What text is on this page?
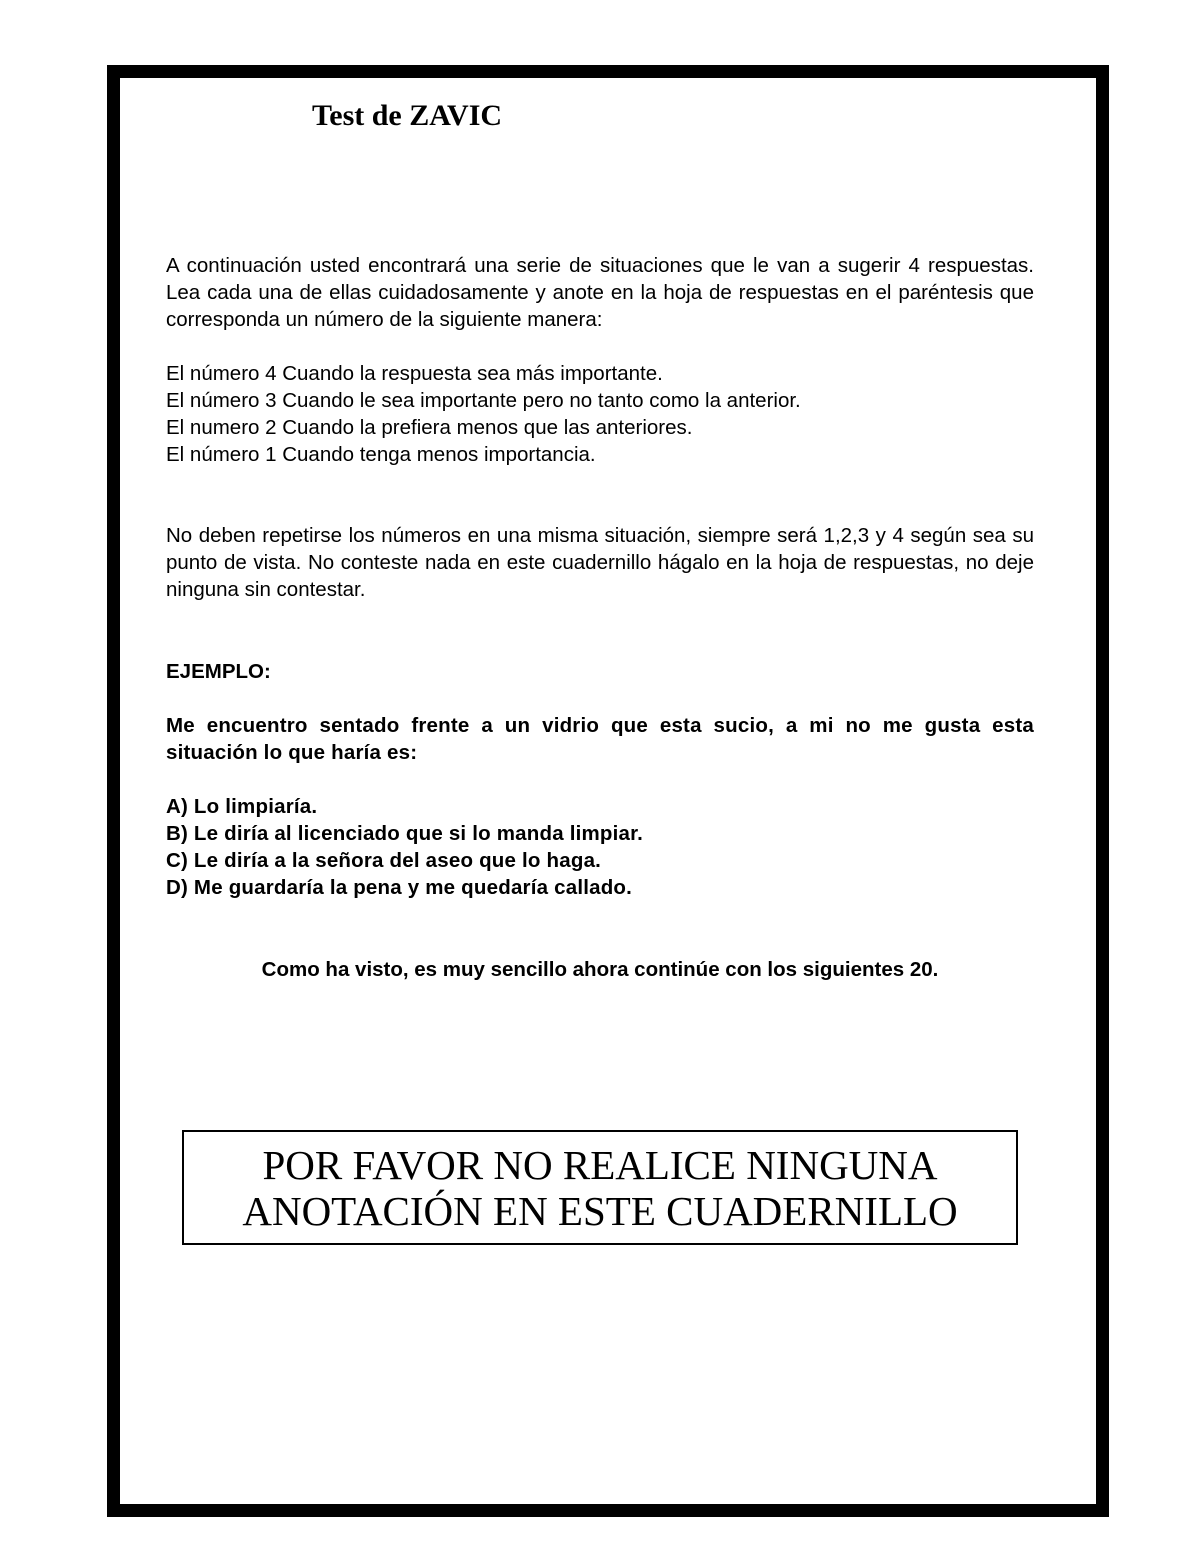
Test de ZAVIC

A continuación usted encontrará una serie de situaciones que le van a sugerir 4 respuestas. Lea cada una de ellas cuidadosamente y anote en la hoja de respuestas en el paréntesis que corresponda un número de la siguiente manera:

El número 4 Cuando la respuesta sea más importante.
El número 3 Cuando le sea importante pero no tanto como la anterior.
El numero 2 Cuando la prefiera menos que las anteriores.
El número 1 Cuando tenga menos importancia.

No deben repetirse los números en una misma situación, siempre será 1,2,3 y 4 según sea su punto de vista. No conteste nada en este cuadernillo hágalo en la hoja de respuestas, no deje ninguna sin contestar.

EJEMPLO:

Me encuentro sentado frente a un vidrio que esta sucio, a mi no me gusta esta situación lo que haría es:

A) Lo limpiaría.
B) Le diría al licenciado que si lo manda limpiar.
C) Le diría a la señora del aseo que lo haga.
D) Me guardaría la pena y me quedaría callado.
Como ha visto, es muy sencillo ahora continúe con los siguientes 20.
POR FAVOR NO REALICE NINGUNA
ANOTACIÓN EN ESTE CUADERNILLO
